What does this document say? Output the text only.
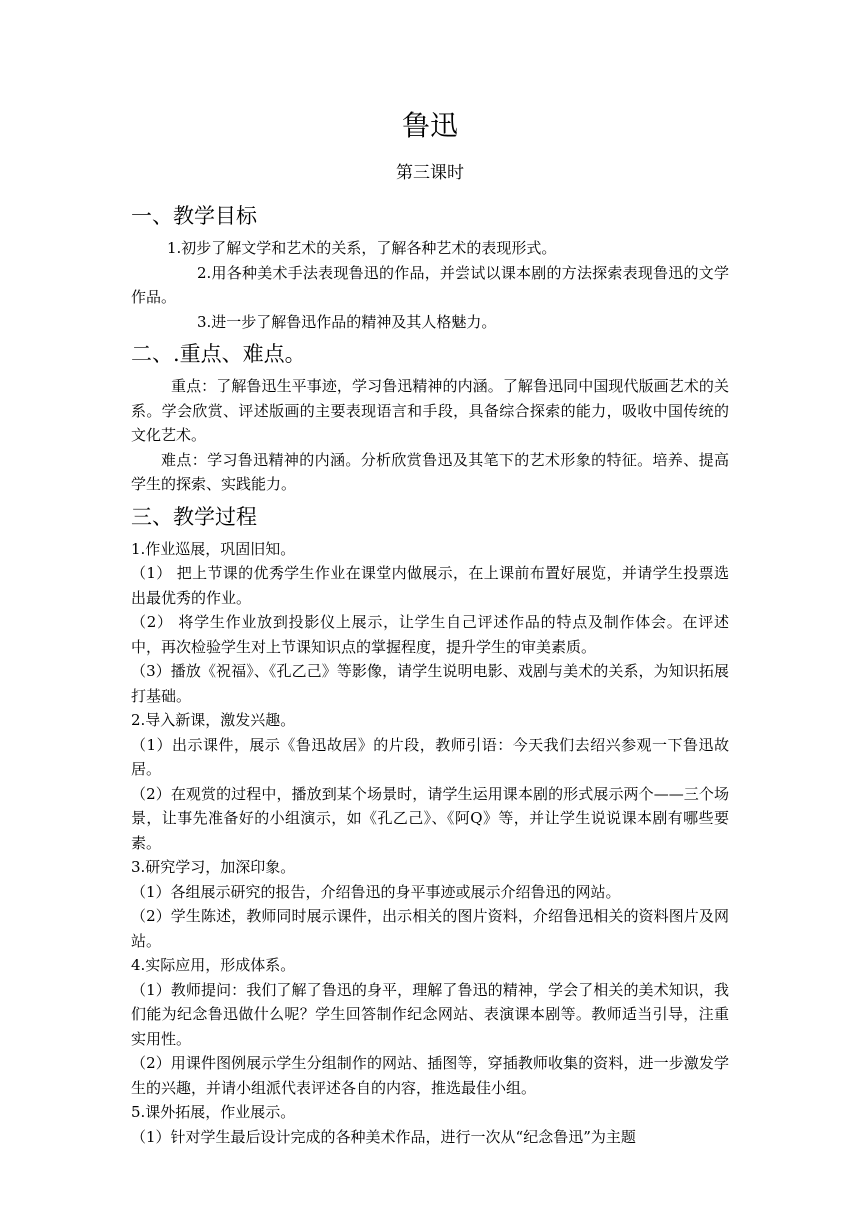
鲁迅
第三课时
一、教学目标

1.初步了解文学和艺术的关系，了解各种艺术的表现形式。

2.用各种美术手法表现鲁迅的作品，并尝试以课本剧的方法探索表现鲁迅的文学作品。

3.进一步了解鲁迅作品的精神及其人格魅力。

二、.重点、难点。

重点：了解鲁迅生平事迹，学习鲁迅精神的内涵。了解鲁迅同中国现代版画艺术的关系。学会欣赏、评述版画的主要表现语言和手段，具备综合探索的能力，吸收中国传统的文化艺术。

难点：学习鲁迅精神的内涵。分析欣赏鲁迅及其笔下的艺术形象的特征。培养、提高学生的探索、实践能力。

三、教学过程

1.作业巡展，巩固旧知。

（1） 把上节课的优秀学生作业在课堂内做展示，在上课前布置好展览，并请学生投票选出最优秀的作业。

（2） 将学生作业放到投影仪上展示，让学生自己评述作品的特点及制作体会。在评述中，再次检验学生对上节课知识点的掌握程度，提升学生的审美素质。

（3）播放《祝福》、《孔乙己》等影像，请学生说明电影、戏剧与美术的关系，为知识拓展打基础。

2.导入新课，激发兴趣。

（1）出示课件，展示《鲁迅故居》的片段，教师引语：今天我们去绍兴参观一下鲁迅故居。

（2）在观赏的过程中，播放到某个场景时，请学生运用课本剧的形式展示两个——三个场景，让事先准备好的小组演示，如《孔乙己》、《阿Q》等，并让学生说说课本剧有哪些要素。

3.研究学习，加深印象。

（1）各组展示研究的报告，介绍鲁迅的身平事迹或展示介绍鲁迅的网站。

（2）学生陈述，教师同时展示课件，出示相关的图片资料，介绍鲁迅相关的资料图片及网站。

4.实际应用，形成体系。

（1）教师提问：我们了解了鲁迅的身平，理解了鲁迅的精神，学会了相关的美术知识，我们能为纪念鲁迅做什么呢？学生回答制作纪念网站、表演课本剧等。教师适当引导，注重实用性。

（2）用课件图例展示学生分组制作的网站、插图等，穿插教师收集的资料，进一步激发学生的兴趣，并请小组派代表评述各自的内容，推选最佳小组。

5.课外拓展，作业展示。

（1）针对学生最后设计完成的各种美术作品，进行一次从“纪念鲁迅”为主题
